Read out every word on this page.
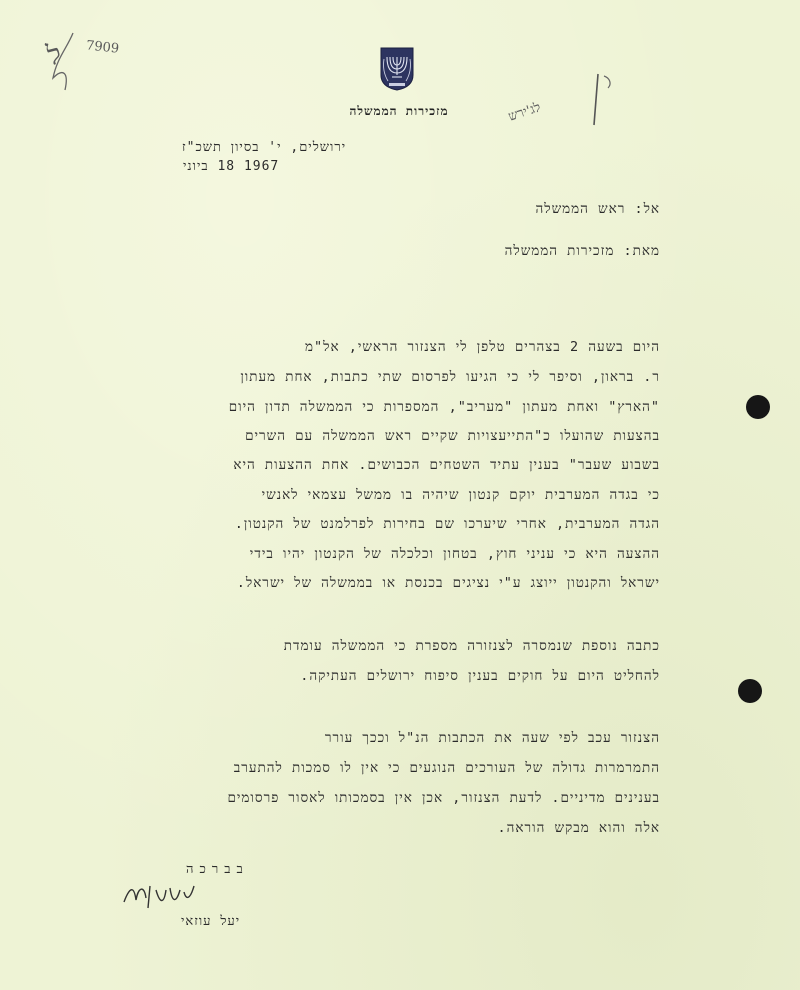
ל 7909
לג'ירש
מזכירות הממשלה
ירושלים, י' בסיון תשכ"ז
1967 18 ביוני
אל: ראש הממשלה
מאת: מזכירות הממשלה
היום בשעה 2 בצהרים טלפן לי הצנזור הראשי, אל"מ
ר. בראון, וסיפר לי כי הגיעו לפרסום שתי כתבות, אחת מעתון
"הארץ" ואחת מעתון "מעריב", המספרות כי הממשלה תדון היום
בהצעות שהועלו כ"התייעצויות שקיים ראש הממשלה עם השרים
בשבוע שעבר" בענין עתיד השטחים הכבושים. אחת ההצעות היא
כי בגדה המערבית יוקם קנטון שיהיה בו ממשל עצמאי לאנשי
הגדה המערבית, אחרי שיערכו שם בחירות לפרלמנט של הקנטון.
ההצעה היא כי עניני חוץ, בטחון וכלכלה של הקנטון יהיו בידי
ישראל והקנטון ייוצג ע"י נציגים בכנסת או בממשלה של ישראל.
כתבה נוספת שנמסרה לצנזורה מספרת כי הממשלה עומדת
להחליט היום על חוקים בענין סיפוח ירושלים העתיקה.
הצנזור עכב לפי שעה את הכתבות הנ"ל וככך עורר
התמרמרות גדולה של העורכים הנוגעים כי אין לו סמכות להתערב
בענינים מדיניים. לדעת הצנזור, אכן אין בסמכותו לאסור פרסומים
אלה והוא מבקש הוראה.
בברכה
יעל עוזאי
